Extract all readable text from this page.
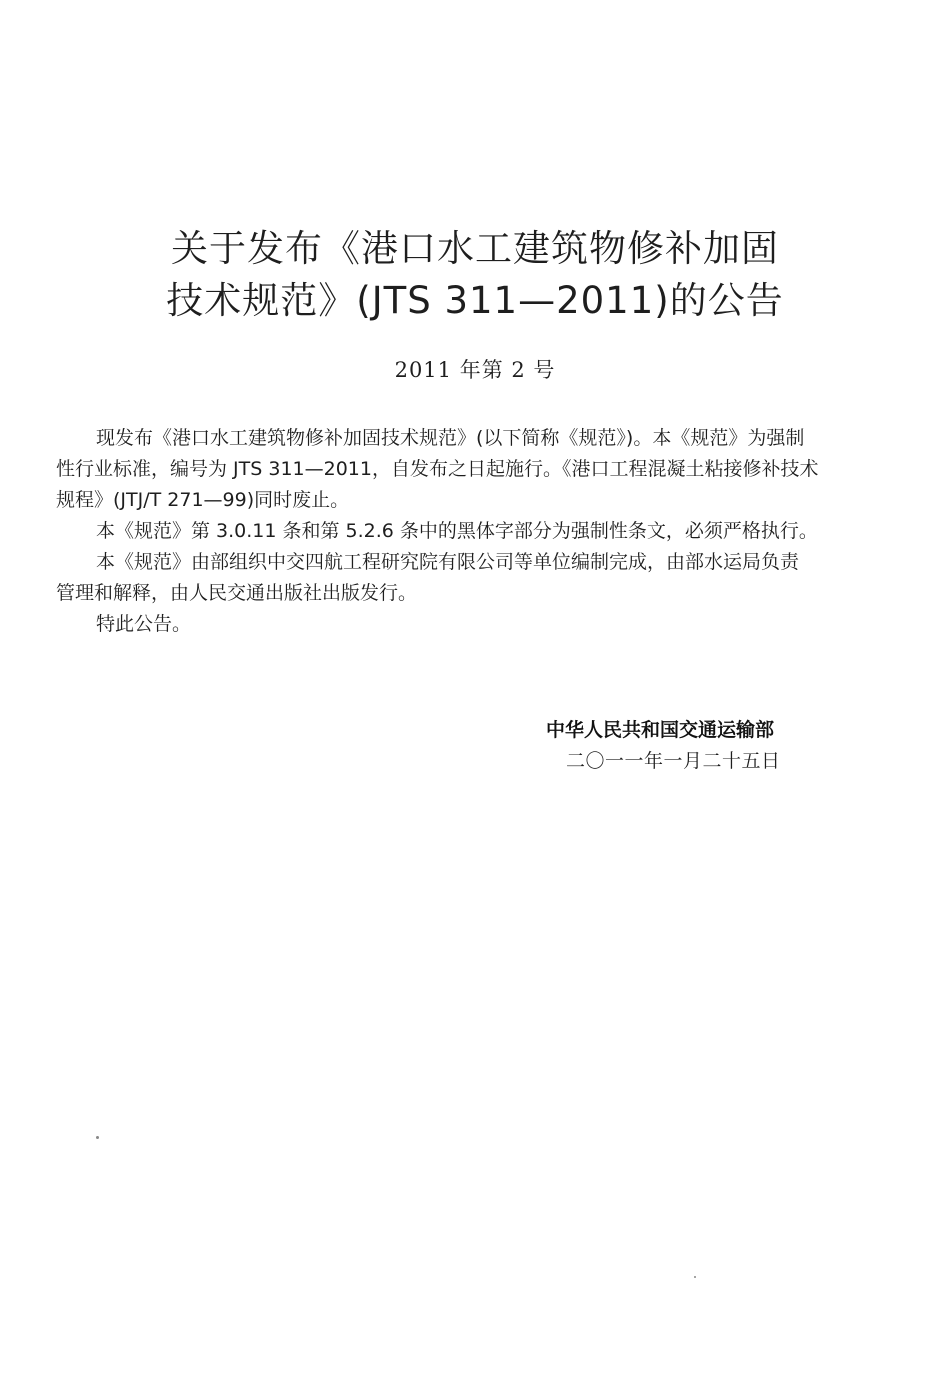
关于发布《港口水工建筑物修补加固
技术规范》(JTS 311—2011)的公告
2011 年第 2 号
现发布《港口水工建筑物修补加固技术规范》(以下简称《规范》)。本《规范》为强制
性行业标准，编号为 JTS 311—2011，自发布之日起施行。《港口工程混凝土粘接修补技术
规程》(JTJ/T 271—99)同时废止。
本《规范》第 3.0.11 条和第 5.2.6 条中的黑体字部分为强制性条文，必须严格执行。
本《规范》由部组织中交四航工程研究院有限公司等单位编制完成，由部水运局负责
管理和解释，由人民交通出版社出版发行。
特此公告。
中华人民共和国交通运输部
二〇一一年一月二十五日
